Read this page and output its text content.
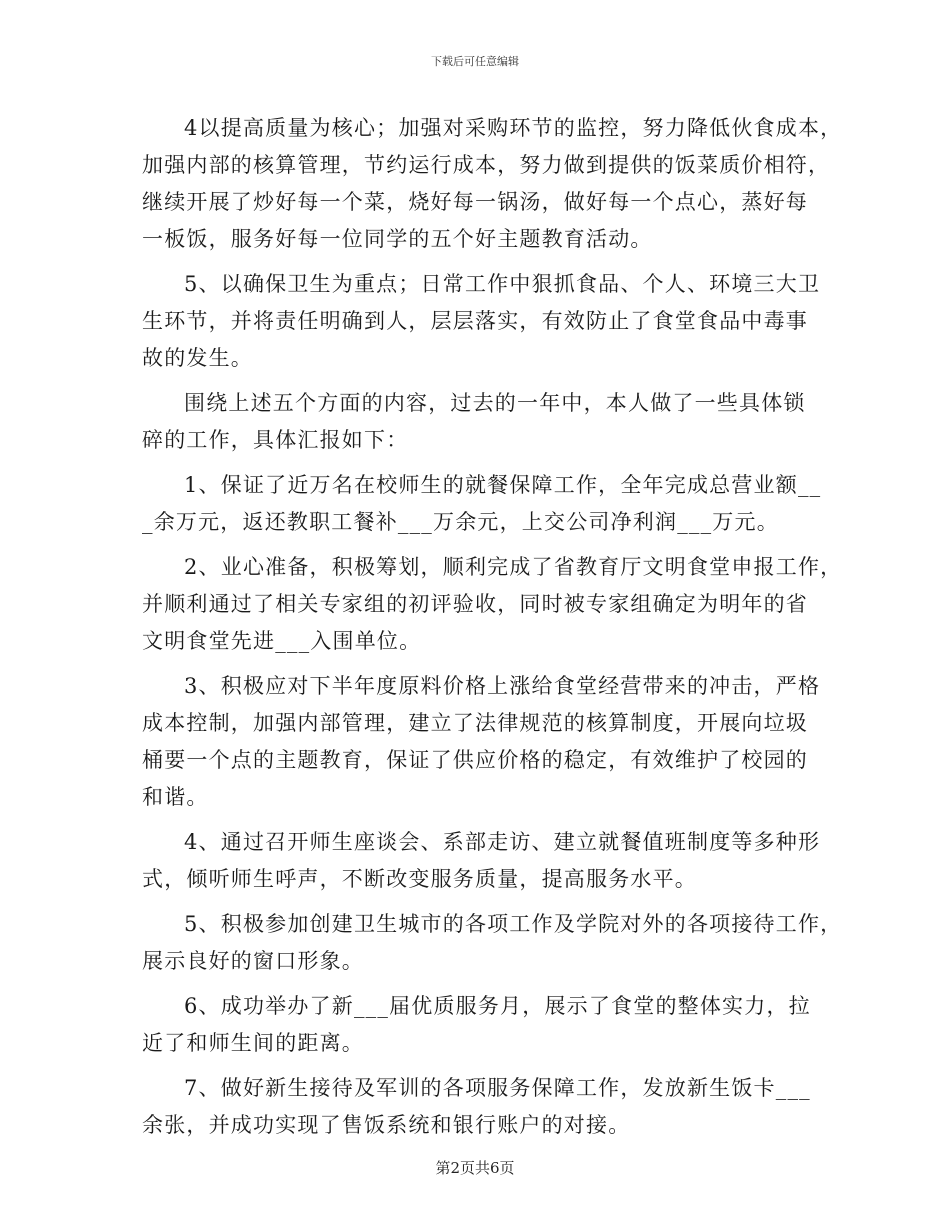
下载后可任意编辑
4以提高质量为核心；加强对采购环节的监控，努力降低伙食成本，
加强内部的核算管理，节约运行成本，努力做到提供的饭菜质价相符，
继续开展了炒好每一个菜，烧好每一锅汤，做好每一个点心，蒸好每
一板饭，服务好每一位同学的五个好主题教育活动。
5、以确保卫生为重点；日常工作中狠抓食品、个人、环境三大卫
生环节，并将责任明确到人，层层落实，有效防止了食堂食品中毒事
故的发生。
围绕上述五个方面的内容，过去的一年中，本人做了一些具体锁
碎的工作，具体汇报如下：
1、保证了近万名在校师生的就餐保障工作，全年完成总营业额__
_余万元，返还教职工餐补___万余元，上交公司净利润___万元。
2、业心准备，积极筹划，顺利完成了省教育厅文明食堂申报工作，
并顺利通过了相关专家组的初评验收，同时被专家组确定为明年的省
文明食堂先进___入围单位。
3、积极应对下半年度原料价格上涨给食堂经营带来的冲击，严格
成本控制，加强内部管理，建立了法律规范的核算制度，开展向垃圾
桶要一个点的主题教育，保证了供应价格的稳定，有效维护了校园的
和谐。
4、通过召开师生座谈会、系部走访、建立就餐值班制度等多种形
式，倾听师生呼声，不断改变服务质量，提高服务水平。
5、积极参加创建卫生城市的各项工作及学院对外的各项接待工作，
展示良好的窗口形象。
6、成功举办了新___届优质服务月，展示了食堂的整体实力，拉
近了和师生间的距离。
7、做好新生接待及军训的各项服务保障工作，发放新生饭卡___
余张，并成功实现了售饭系统和银行账户的对接。
第2页共6页
